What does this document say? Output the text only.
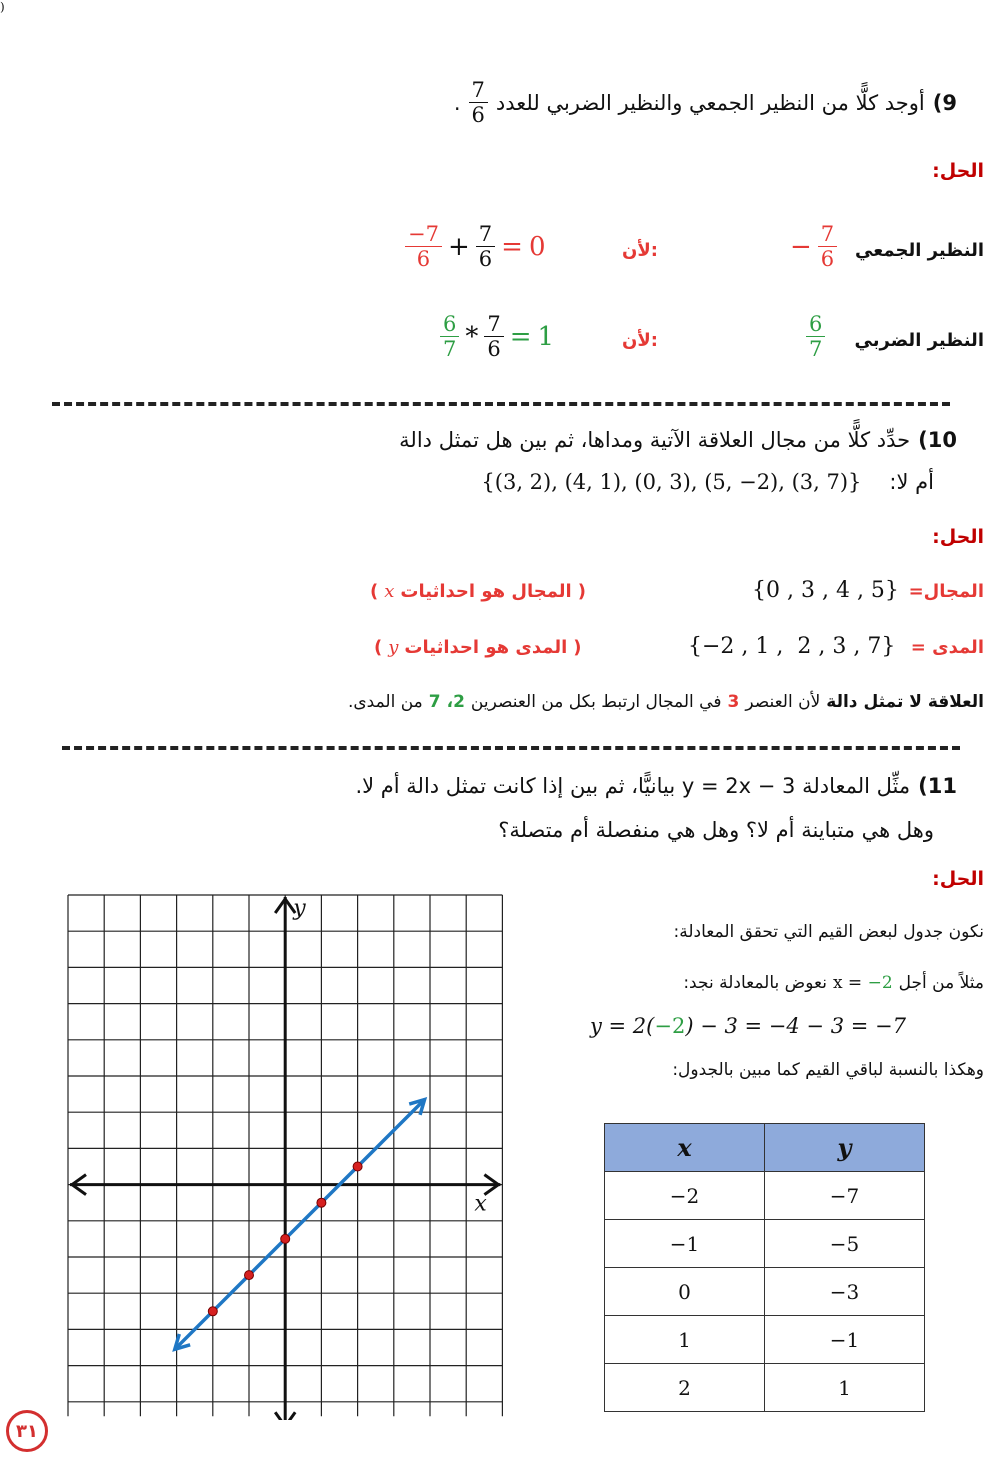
)
9)
أوجد كلًّا من النظير الجمعي والنظير الضربي للعدد
$\frac{7}{6}$
.
الحل:
النظير الجمعي
− $\frac{7}{6}$
لأن:
$\frac{-7}{6} + \frac{7}{6} = 0$
النظير الضربي
$\frac{6}{7}$
لأن:
$\frac{6}{7} * \frac{7}{6} = 1$
10)
حدِّد كلًّا من مجال العلاقة الآتية ومداها، ثم بين هل تمثل دالة
أم لا:
{(3, 2), (4, 1), (0, 3), (5, −2), (3, 7)}
الحل:
المجال=
{0 , 3 , 4 , 5}
( x المجال هو احداثيات )
المدى =
{−2 , 1 ,  2 , 3 , 7}
( y المدى هو احداثيات )
العلاقة لا تمثل دالة
لأن العنصر
3
في المجال ارتبط بكل من العنصرين
2،
7
من المدى.
11)
مثِّل المعادلة y = 2x − 3 بيانيًّا، ثم بين إذا كانت تمثل دالة أم لا.
وهل هي متباينة أم لا؟ وهل هي منفصلة أم متصلة؟
الحل:
نكون جدول لبعض القيم التي تحقق المعادلة:
مثلاً من أجل
x = −2
نعوض بالمعادلة نجد:
y = 2(−2) − 3 = −4 − 3 = −7
وهكذا بالنسبة لباقي القيم كما مبين بالجدول:
x	y
−2	−7
−1	−5
0	−3
1	−1
2	1
x
y
٣١
